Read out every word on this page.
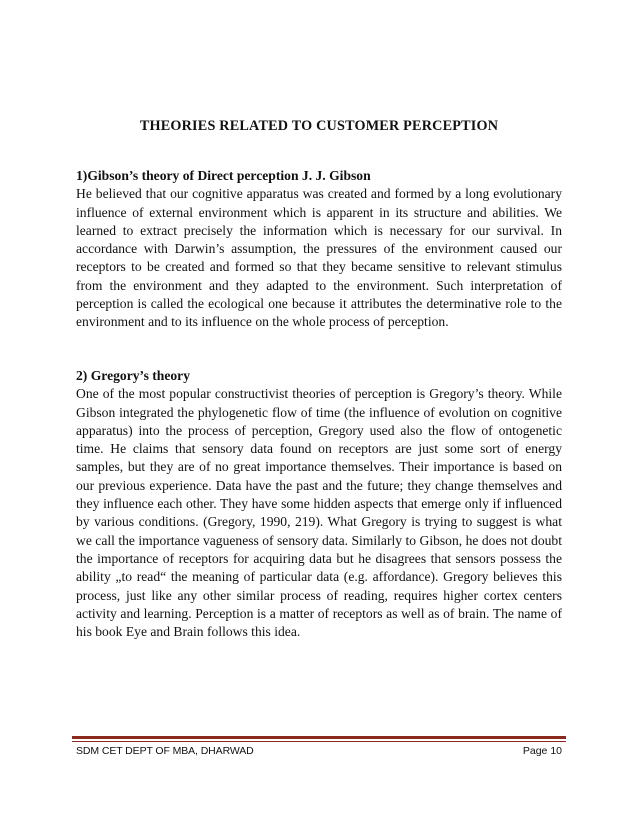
THEORIES RELATED TO CUSTOMER PERCEPTION

1)Gibson’s theory of Direct perception J. J. Gibson

He believed that our cognitive apparatus was created and formed by a long evolutionary influence of external environment which is apparent in its structure and abilities. We learned to extract precisely the information which is necessary for our survival. In accordance with Darwin’s assumption, the pressures of the environment caused our receptors to be created and formed so that they became sensitive to relevant stimulus from the environment and they adapted to the environment. Such interpretation of perception is called the ecological one because it attributes the determinative role to the environment and to its influence on the whole process of perception.

2) Gregory’s theory

One of the most popular constructivist theories of perception is Gregory’s theory. While Gibson integrated the phylogenetic flow of time (the influence of evolution on cognitive apparatus) into the process of perception, Gregory used also the flow of ontogenetic time. He claims that sensory data found on receptors are just some sort of energy samples, but they are of no great importance themselves. Their importance is based on our previous experience. Data have the past and the future; they change themselves and they influence each other. They have some hidden aspects that emerge only if influenced by various conditions. (Gregory, 1990, 219). What Gregory is trying to suggest is what we call the importance vagueness of sensory data. Similarly to Gibson, he does not doubt the importance of receptors for acquiring data but he disagrees that sensors possess the ability „to read“ the meaning of particular data (e.g. affordance). Gregory believes this process, just like any other similar process of reading, requires higher cortex centers activity and learning. Perception is a matter of receptors as well as of brain. The name of his book Eye and Brain follows this idea.

SDM CET DEPT OF MBA, DHARWAD	Page 10
